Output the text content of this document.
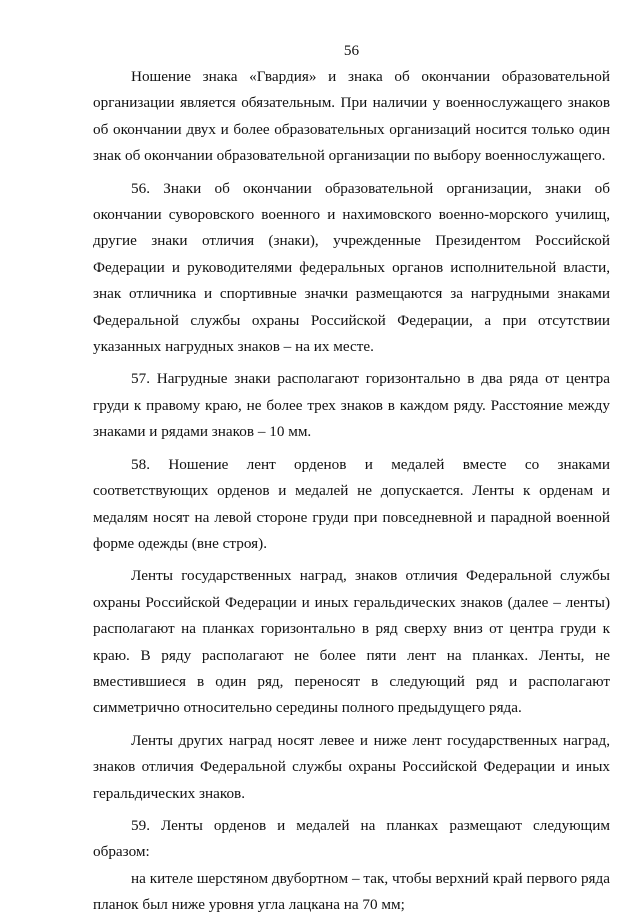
56

Ношение знака «Гвардия» и знака об окончании образовательной организации является обязательным. При наличии у военнослужащего знаков об окончании двух и более образовательных организаций носится только один знак об окончании образовательной организации по выбору военнослужащего.

56. Знаки об окончании образовательной организации, знаки об окончании суворовского военного и нахимовского военно-морского училищ, другие знаки отличия (знаки), учрежденные Президентом Российской Федерации и руководителями федеральных органов исполнительной власти, знак отличника и спортивные значки размещаются за нагрудными знаками Федеральной службы охраны Российской Федерации, а при отсутствии указанных нагрудных знаков – на их месте.

57. Нагрудные знаки располагают горизонтально в два ряда от центра груди к правому краю, не более трех знаков в каждом ряду. Расстояние между знаками и рядами знаков – 10 мм.

58. Ношение лент орденов и медалей вместе со знаками соответствующих орденов и медалей не допускается. Ленты к орденам и медалям носят на левой стороне груди при повседневной и парадной военной форме одежды (вне строя).

Ленты государственных наград, знаков отличия Федеральной службы охраны Российской Федерации и иных геральдических знаков (далее – ленты) располагают на планках горизонтально в ряд сверху вниз от центра груди к краю. В ряду располагают не более пяти лент на планках. Ленты, не вместившиеся в один ряд, переносят в следующий ряд и располагают симметрично относительно середины полного предыдущего ряда.

Ленты других наград носят левее и ниже лент государственных наград, знаков отличия Федеральной службы охраны Российской Федерации и иных геральдических знаков.

59. Ленты орденов и медалей на планках размещают следующим образом:

на кителе шерстяном двубортном – так, чтобы верхний край первого ряда планок был ниже уровня угла лацкана на 70 мм;
